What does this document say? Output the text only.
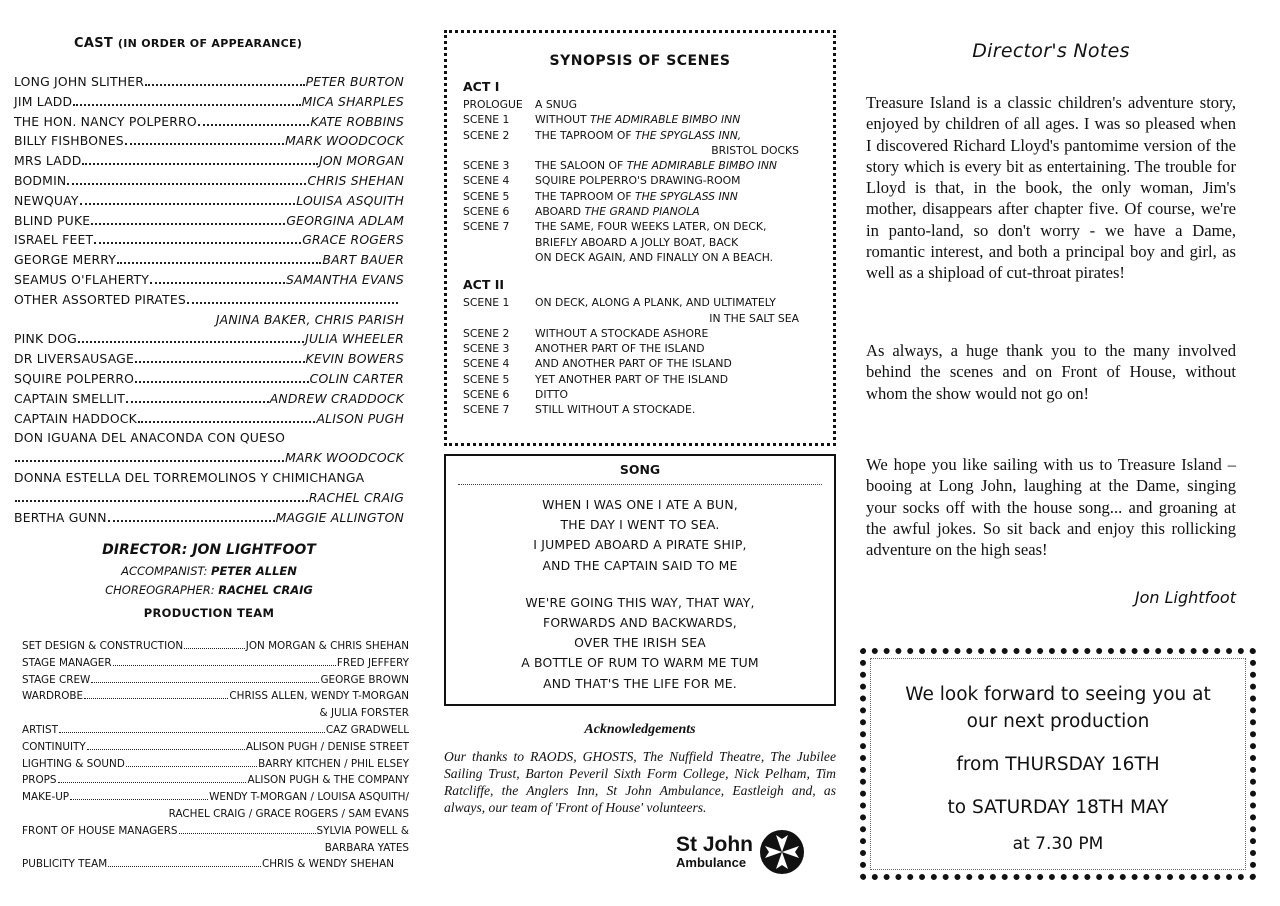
CAST (IN ORDER OF APPEARANCE)
LONG JOHN SLITHER	PETER BURTON
JIM LADD	MICA SHARPLES
THE HON. NANCY POLPERRO	KATE ROBBINS
BILLY FISHBONES	MARK WOODCOCK
MRS LADD	JON MORGAN
BODMIN	CHRIS SHEHAN
NEWQUAY	LOUISA ASQUITH
BLIND PUKE	GEORGINA ADLAM
ISRAEL FEET	GRACE ROGERS
GEORGE MERRY	BART BAUER
SEAMUS O'FLAHERTY	SAMANTHA EVANS
OTHER ASSORTED PIRATES
JANINA BAKER, CHRIS PARISH
PINK DOG	JULIA WHEELER
DR LIVERSAUSAGE	KEVIN BOWERS
SQUIRE POLPERRO	COLIN CARTER
CAPTAIN SMELLIT	ANDREW CRADDOCK
CAPTAIN HADDOCK	ALISON PUGH
DON IGUANA DEL ANACONDA CON QUESO
MARK WOODCOCK
DONNA ESTELLA DEL TORREMOLINOS Y CHIMICHANGA
RACHEL CRAIG
BERTHA GUNN	MAGGIE ALLINGTON
DIRECTOR: JON LIGHTFOOT
ACCOMPANIST: PETER ALLEN
CHOREOGRAPHER: RACHEL CRAIG
PRODUCTION TEAM
SET DESIGN & CONSTRUCTION	JON MORGAN & CHRIS SHEHAN
STAGE MANAGER	FRED JEFFERY
STAGE CREW	GEORGE BROWN
WARDROBE	CHRISS ALLEN, WENDY T-MORGAN
& JULIA FORSTER
ARTIST	CAZ GRADWELL
CONTINUITY	ALISON PUGH / DENISE STREET
LIGHTING & SOUND	BARRY KITCHEN / PHIL ELSEY
PROPS	ALISON PUGH & THE COMPANY
MAKE-UP	WENDY T-MORGAN / LOUISA ASQUITH/
RACHEL CRAIG / GRACE ROGERS / SAM EVANS
FRONT OF HOUSE MANAGERS	SYLVIA POWELL &
BARBARA YATES
PUBLICITY TEAM	CHRIS & WENDY SHEHAN
SYNOPSIS OF SCENES
ACT I
PROLOGUE	A SNUG
SCENE 1	WITHOUT THE ADMIRABLE BIMBO INN
SCENE 2	THE TAPROOM OF THE SPYGLASS INN,
BRISTOL DOCKS
SCENE 3	THE SALOON OF THE ADMIRABLE BIMBO INN
SCENE 4	SQUIRE POLPERRO'S DRAWING-ROOM
SCENE 5	THE TAPROOM OF THE SPYGLASS INN
SCENE 6	ABOARD THE GRAND PIANOLA
SCENE 7	THE SAME, FOUR WEEKS LATER, ON DECK,
BRIEFLY ABOARD A JOLLY BOAT, BACK
ON DECK AGAIN, AND FINALLY ON A BEACH.
ACT II
SCENE 1	ON DECK, ALONG A PLANK, AND ULTIMATELY
IN THE SALT SEA
SCENE 2	WITHOUT A STOCKADE ASHORE
SCENE 3	ANOTHER PART OF THE ISLAND
SCENE 4	AND ANOTHER PART OF THE ISLAND
SCENE 5	YET ANOTHER PART OF THE ISLAND
SCENE 6	DITTO
SCENE 7	STILL WITHOUT A STOCKADE.
SONG
WHEN I WAS ONE I ATE A BUN,
THE DAY I WENT TO SEA.
I JUMPED ABOARD A PIRATE SHIP,
AND THE CAPTAIN SAID TO ME
WE'RE GOING THIS WAY, THAT WAY,
FORWARDS AND BACKWARDS,
OVER THE IRISH SEA
A BOTTLE OF RUM TO WARM ME TUM
AND THAT'S THE LIFE FOR ME.
Acknowledgements
Our thanks to RAODS, GHOSTS, The Nuffield Theatre, The Jubilee Sailing Trust, Barton Peveril Sixth Form College, Nick Pelham, Tim Ratcliffe, the Anglers Inn, St John Ambulance, Eastleigh and, as always, our team of 'Front of House' volunteers.
St John
Ambulance
Director's Notes
Treasure Island is a classic children's adventure story, enjoyed by children of all ages. I was so pleased when I discovered Richard Lloyd's pantomime version of the story which is every bit as entertaining. The trouble for Lloyd is that, in the book, the only woman, Jim's mother, disappears after chapter five. Of course, we're in panto-land, so don't worry - we have a Dame, romantic interest, and both a principal boy and girl, as well as a shipload of cut-throat pirates!
As always, a huge thank you to the many involved behind the scenes and on Front of House, without whom the show would not go on!
We hope you like sailing with us to Treasure Island – booing at Long John, laughing at the Dame, singing your socks off with the house song... and groaning at the awful jokes. So sit back and enjoy this rollicking adventure on the high seas!
Jon Lightfoot
We look forward to seeing you at
our next production
from THURSDAY 16TH
to SATURDAY 18TH MAY
at 7.30 PM
